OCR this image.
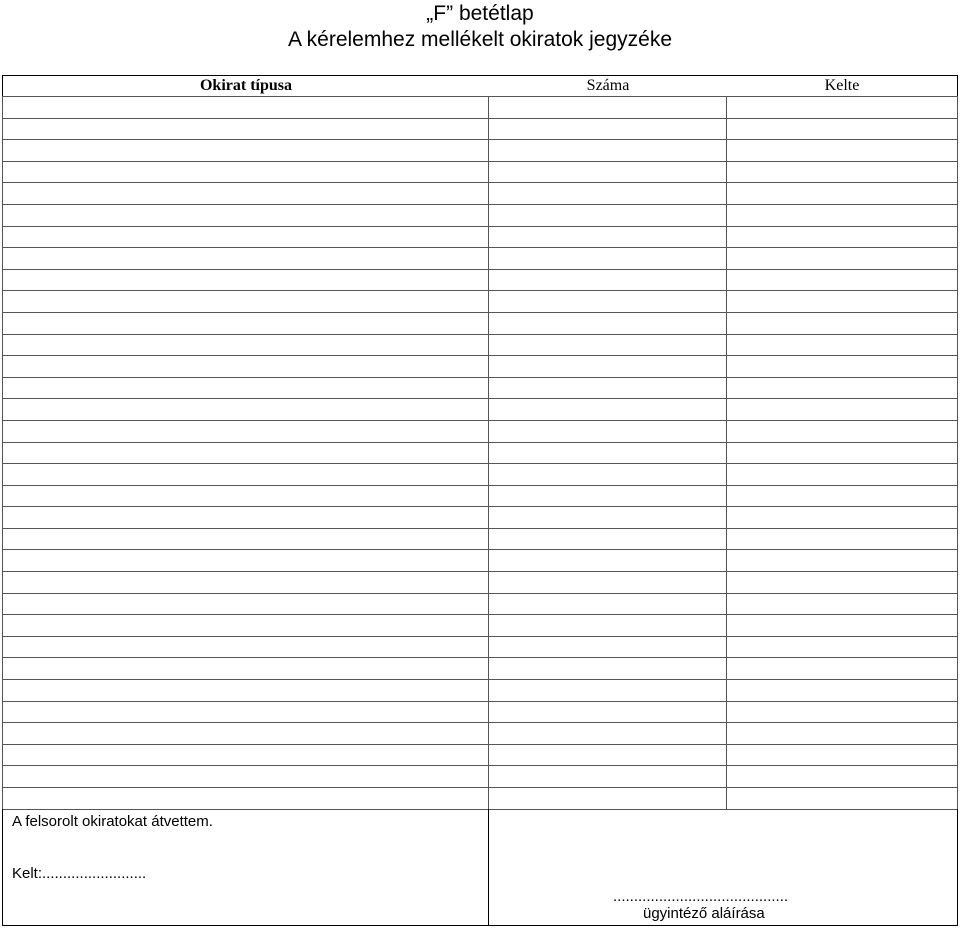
„F” betétlap
A kérelemhez mellékelt okiratok jegyzéke
Okirat típusa	Száma	Kelte

A felsorolt okiratokat átvettem.
Kelt:.........................
..........................................
ügyintéző aláírása
